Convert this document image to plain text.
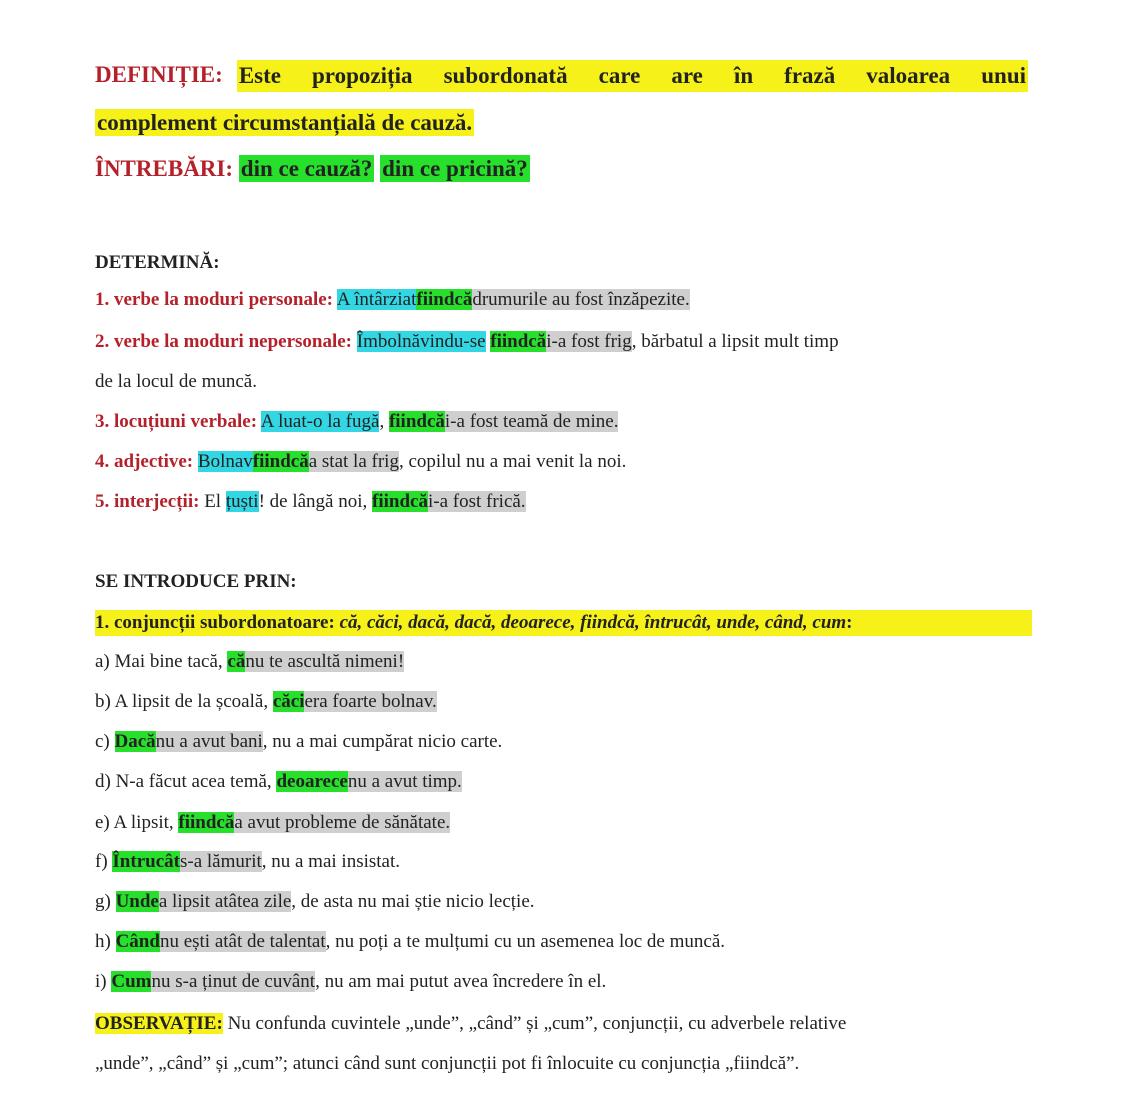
DEFINIȚIE: Este propoziția subordonată care are în frază valoarea unui
complement circumstanțială de cauză.
ÎNTREBĂRI: din ce cauză? din ce pricină?
DETERMINĂ:
1. verbe la moduri personale: A întârziatfiindcădrumurile au fost înzăpezite.
2. verbe la moduri nepersonale: Îmbolnăvindu-se fiindcăi-a fost frig, bărbatul a lipsit mult timp
de la locul de muncă.
3. locuțiuni verbale: A luat-o la fugă, fiindcăi-a fost teamă de mine.
4. adjective: Bolnavfiindcăa stat la frig, copilul nu a mai venit la noi.
5. interjecții: El țuști! de lângă noi, fiindcăi-a fost frică.
SE INTRODUCE PRIN:
1. conjuncții subordonatoare: că, căci, dacă, dacă, deoarece, fiindcă, întrucât, unde, când, cum:
a) Mai bine tacă, cănu te ascultă nimeni!
b) A lipsit de la școală, căciera foarte bolnav.
c) Dacănu a avut bani, nu a mai cumpărat nicio carte.
d) N-a făcut acea temă, deoarecenu a avut timp.
e) A lipsit, fiindcăa avut probleme de sănătate.
f) Întrucâts-a lămurit, nu a mai insistat.
g) Undea lipsit atâtea zile, de asta nu mai știe nicio lecție.
h) Cândnu ești atât de talentat, nu poți a te mulțumi cu un asemenea loc de muncă.
i) Cumnu s-a ținut de cuvânt, nu am mai putut avea încredere în el.
OBSERVAȚIE: Nu confunda cuvintele „unde”, „când” și „cum”, conjuncții, cu adverbele relative
„unde”, „când” și „cum”; atunci când sunt conjuncții pot fi înlocuite cu conjuncția „fiindcă”.
